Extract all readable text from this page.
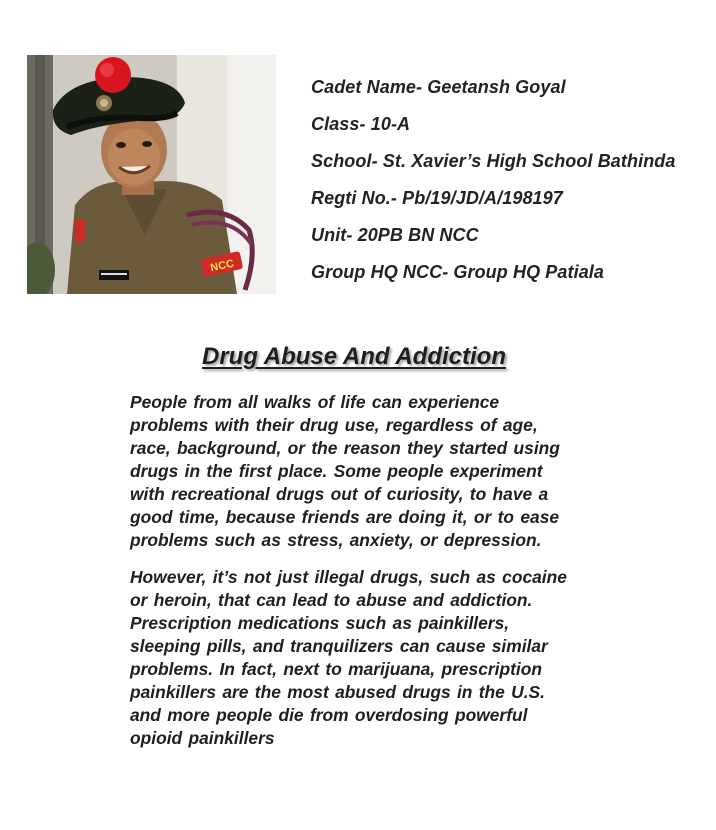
NCC
Cadet Name- Geetansh Goyal
Class- 10-A
School- St. Xavier’s High School Bathinda
Regti No.- Pb/19/JD/A/198197
Unit- 20PB BN NCC
Group HQ NCC- Group HQ Patiala
Drug Abuse And Addiction

People from all walks of life can experience problems with their drug use, regardless of age, race, background, or the reason they started using drugs in the first place. Some people experiment with recreational drugs out of curiosity, to have a good time, because friends are doing it, or to ease problems such as stress, anxiety, or depression.

However, it’s not just illegal drugs, such as cocaine or heroin, that can lead to abuse and addiction. Prescription medications such as painkillers, sleeping pills, and tranquilizers can cause similar problems. In fact, next to marijuana, prescription painkillers are the most abused drugs in the U.S. and more people die from overdosing powerful opioid painkillers
